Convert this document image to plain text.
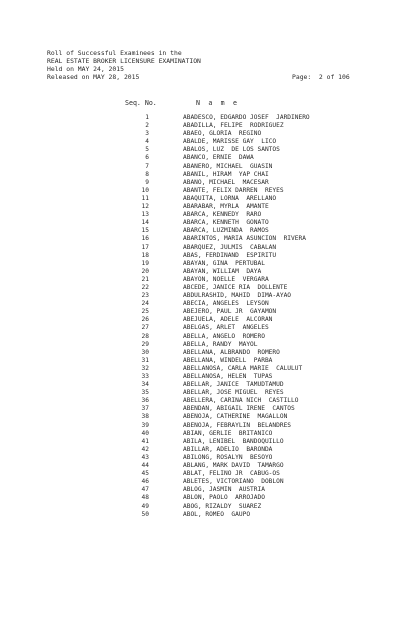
Roll of Successful Examinees in the
REAL ESTATE BROKER LICENSURE EXAMINATION
Held on MAY 24, 2015
Page:  2 of 106
Released on MAY 28, 2015
Seq. No.	N a m e
1	ABADESCO, EDGARDO JOSEF  JARDINERO
2	ABADILLA, FELIPE  RODRIGUEZ
3	ABAEO, GLORIA  REGINO
4	ABALDE, MARISSE GAY  LICO
5	ABALOS, LUZ  DE LOS SANTOS
6	ABANCO, ERNIE  DAWA
7	ABANERO, MICHAEL  GUASIN
8	ABANIL, HIRAM  YAP CHAI
9	ABANO, MICHAEL  MACESAR
10	ABANTE, FELIX DARREN  REYES
11	ABAQUITA, LORNA  ARELLANO
12	ABARABAR, MYRLA  AMANTE
13	ABARCA, KENNEDY  RARO
14	ABARCA, KENNETH  GONATO
15	ABARCA, LUZMINDA  RAMOS
16	ABARINTOS, MARIA ASUNCION  RIVERA
17	ABARQUEZ, JULMIS  CABALAN
18	ABAS, FERDINAND  ESPIRITU
19	ABAYAN, GINA  PERTUBAL
20	ABAYAN, WILLIAM  DAYA
21	ABAYON, NOELLE  VERGARA
22	ABCEDE, JANICE RIA  DOLLENTE
23	ABDULRASHID, MAHID  DIMA-AYAO
24	ABECIA, ANGELES  LEYSON
25	ABEJERO, PAUL JR  GAYAMON
26	ABEJUELA, ADELE  ALCORAN
27	ABELGAS, ARLET  ANGELES
28	ABELLA, ANGELO  ROMERO
29	ABELLA, RANDY  MAYOL
30	ABELLANA, ALBRANDO  ROMERO
31	ABELLANA, WINDELL  PARBA
32	ABELLANOSA, CARLA MARIE  CALULUT
33	ABELLANOSA, HELEN  TUPAS
34	ABELLAR, JANICE  TAMUDTAMUD
35	ABELLAR, JOSE MIGUEL  REYES
36	ABELLERA, CARINA NICH  CASTILLO
37	ABENDAN, ABIGAIL IRENE  CANTOS
38	ABENOJA, CATHERINE  MAGALLON
39	ABENOJA, FEBRAYLIN  BELANDRES
40	ABIAN, GERLIE  BRITANICO
41	ABILA, LENIBEL  BANDOQUILLO
42	ABILLAR, ADELIO  BARONDA
43	ABILONG, ROSALYN  BESOYO
44	ABLANG, MARK DAVID  TAMARGO
45	ABLAT, FELINO JR  CABUG-OS
46	ABLETES, VICTORIANO  DOBLON
47	ABLOG, JASMIN  AUSTRIA
48	ABLON, PAOLO  ARROJADO
49	ABOG, RIZALDY  SUAREZ
50	ABOL, ROMEO  GAUPO
